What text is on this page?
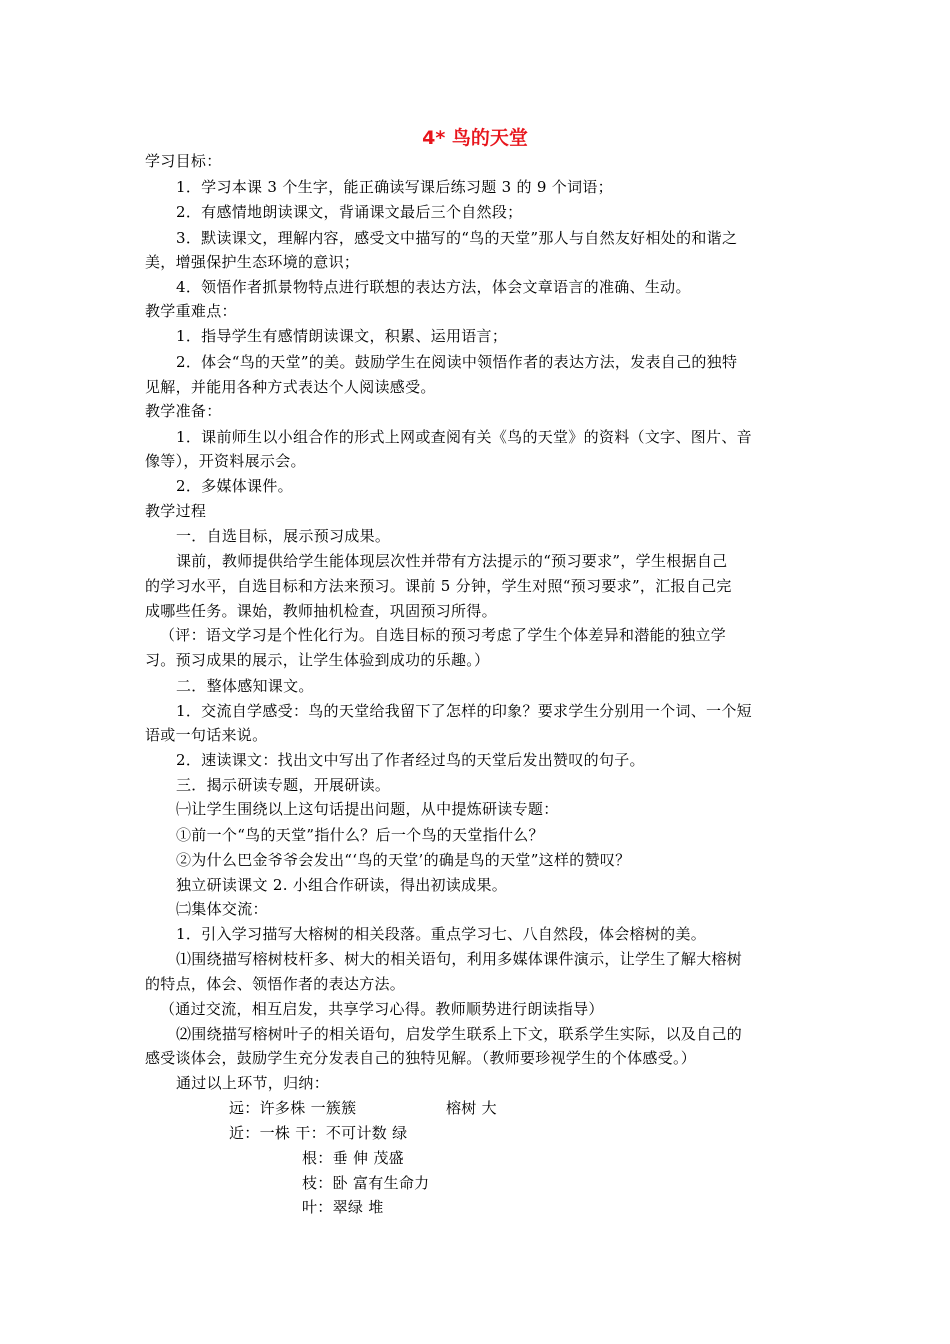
4* 鸟的天堂
学习目标：
1．学习本课 3 个生字，能正确读写课后练习题 3 的 9 个词语；
2．有感情地朗读课文，背诵课文最后三个自然段；
3．默读课文，理解内容，感受文中描写的“鸟的天堂”那人与自然友好相处的和谐之
美，增强保护生态环境的意识；
4．领悟作者抓景物特点进行联想的表达方法，体会文章语言的准确、生动。
教学重难点：
1．指导学生有感情朗读课文，积累、运用语言；
2．体会“鸟的天堂”的美。鼓励学生在阅读中领悟作者的表达方法，发表自己的独特
见解，并能用各种方式表达个人阅读感受。
教学准备：
1．课前师生以小组合作的形式上网或查阅有关《鸟的天堂》的资料（文字、图片、音
像等），开资料展示会。
2．多媒体课件。
教学过程
一．自选目标，展示预习成果。
课前，教师提供给学生能体现层次性并带有方法提示的“预习要求”，学生根据自己
的学习水平，自选目标和方法来预习。课前 5 分钟，学生对照“预习要求”，汇报自己完
成哪些任务。课始，教师抽机检查，巩固预习所得。
（评：语文学习是个性化行为。自选目标的预习考虑了学生个体差异和潜能的独立学
习。预习成果的展示，让学生体验到成功的乐趣。）
二．整体感知课文。
1．交流自学感受：鸟的天堂给我留下了怎样的印象？要求学生分别用一个词、一个短
语或一句话来说。
2．速读课文：找出文中写出了作者经过鸟的天堂后发出赞叹的句子。
三．揭示研读专题，开展研读。
㈠让学生围绕以上这句话提出问题，从中提炼研读专题：
①前一个“鸟的天堂”指什么？后一个鸟的天堂指什么？
②为什么巴金爷爷会发出“‘鸟的天堂’的确是鸟的天堂”这样的赞叹？
独立研读课文 2. 小组合作研读，得出初读成果。
㈡集体交流：
1．引入学习描写大榕树的相关段落。重点学习七、八自然段，体会榕树的美。
⑴围绕描写榕树枝杆多、树大的相关语句，利用多媒体课件演示，让学生了解大榕树
的特点，体会、领悟作者的表达方法。
（通过交流，相互启发，共享学习心得。教师顺势进行朗读指导）
⑵围绕描写榕树叶子的相关语句，启发学生联系上下文，联系学生实际，以及自己的
感受谈体会，鼓励学生充分发表自己的独特见解。（教师要珍视学生的个体感受。）
通过以上环节，归纳：
远：许多株 一簇簇	榕树 大
近：一株 干：不可计数 绿
根：垂 伸 茂盛
枝：卧 富有生命力
叶：翠绿 堆
